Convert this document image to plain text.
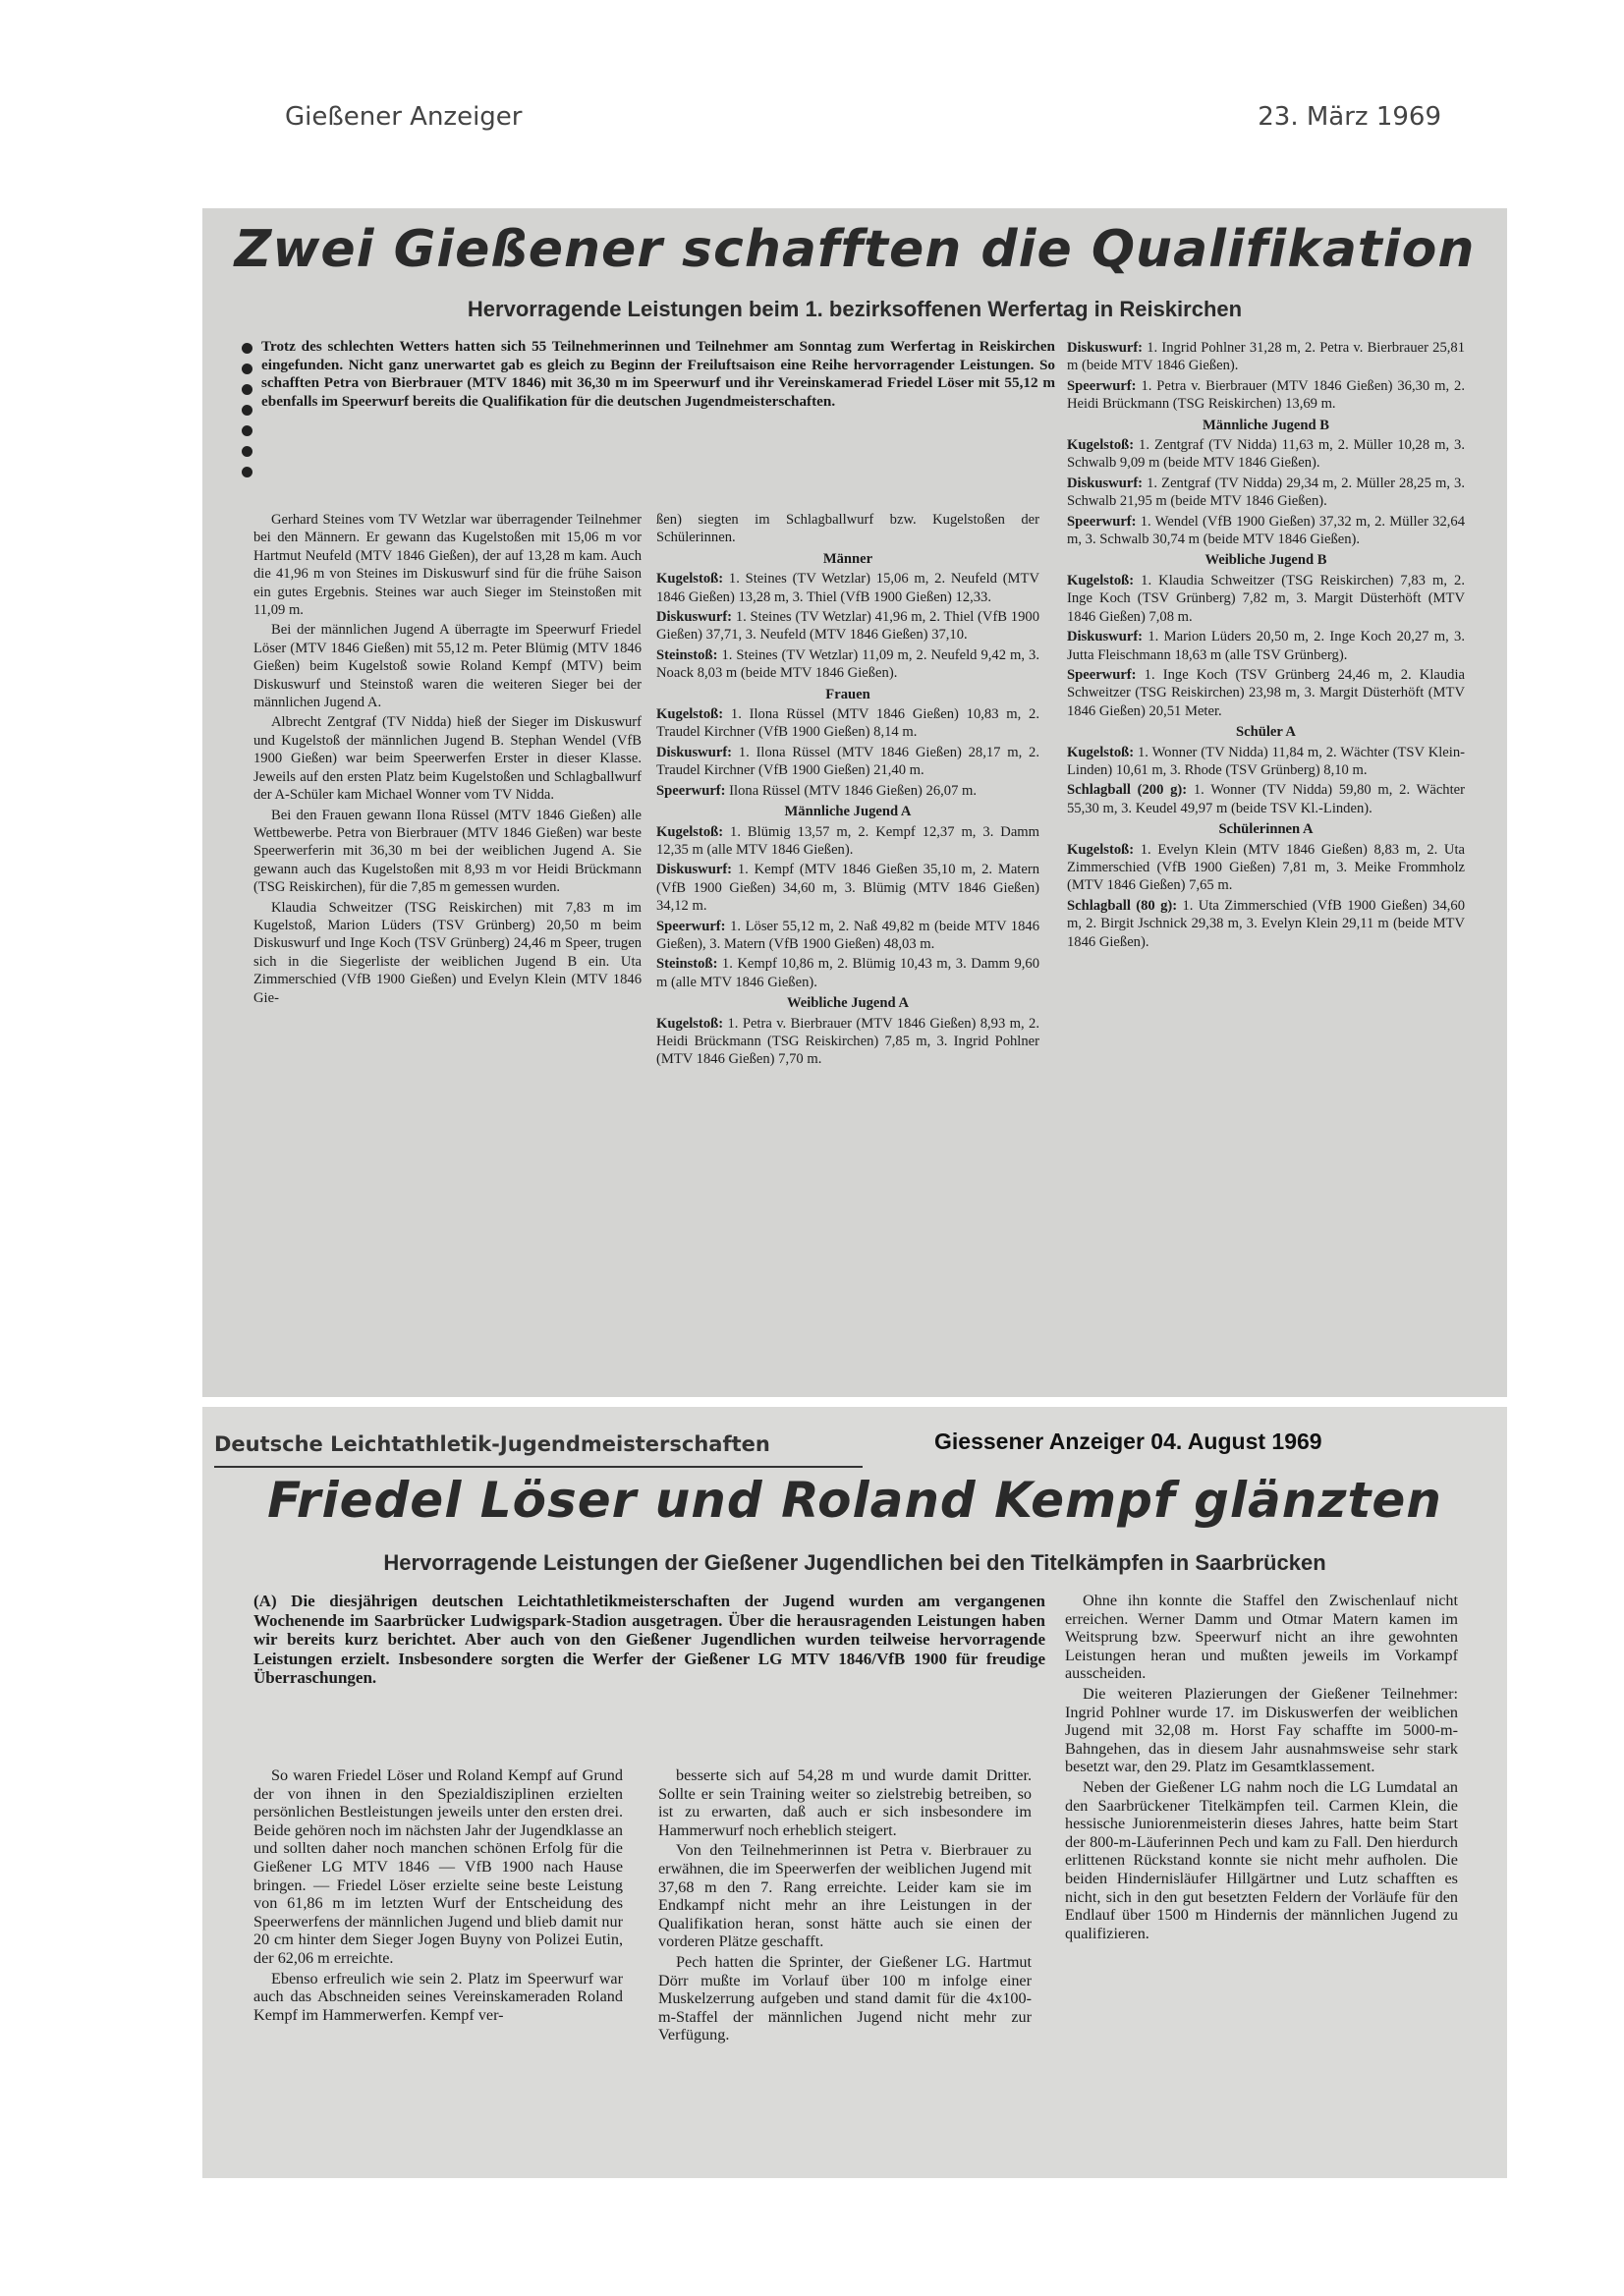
Gießener Anzeiger	23. März 1969
Zwei Gießener schafften die Qualifikation
Hervorragende Leistungen beim 1. bezirksoffenen Werfertag in Reiskirchen

Trotz des schlechten Wetters hatten sich 55 Teilnehmerinnen und Teilnehmer am Sonntag zum Werfertag in Reiskirchen eingefunden. Nicht ganz unerwartet gab es gleich zu Beginn der Freiluftsaison eine Reihe hervorragender Leistungen. So schafften Petra von Bierbrauer (MTV 1846) mit 36,30 m im Speerwurf und ihr Vereinskamerad Friedel Löser mit 55,12 m ebenfalls im Speerwurf bereits die Qualifikation für die deutschen Jugendmeisterschaften.

Gerhard Steines vom TV Wetzlar war überragender Teilnehmer bei den Männern. Er gewann das Kugelstoßen mit 15,06 m vor Hartmut Neufeld (MTV 1846 Gießen), der auf 13,28 m kam. Auch die 41,96 m von Steines im Diskuswurf sind für die frühe Saison ein gutes Ergebnis. Steines war auch Sieger im Steinstoßen mit 11,09 m.

Bei der männlichen Jugend A überragte im Speerwurf Friedel Löser (MTV 1846 Gießen) mit 55,12 m. Peter Blümig (MTV 1846 Gießen) beim Kugelstoß sowie Roland Kempf (MTV) beim Diskuswurf und Steinstoß waren die weiteren Sieger bei der männlichen Jugend A.

Albrecht Zentgraf (TV Nidda) hieß der Sieger im Diskuswurf und Kugelstoß der männlichen Jugend B. Stephan Wendel (VfB 1900 Gießen) war beim Speerwerfen Erster in dieser Klasse. Jeweils auf den ersten Platz beim Kugelstoßen und Schlagballwurf der A-Schüler kam Michael Wonner vom TV Nidda.

Bei den Frauen gewann Ilona Rüssel (MTV 1846 Gießen) alle Wettbewerbe. Petra von Bierbrauer (MTV 1846 Gießen) war beste Speerwerferin mit 36,30 m bei der weiblichen Jugend A. Sie gewann auch das Kugelstoßen mit 8,93 m vor Heidi Brückmann (TSG Reiskirchen), für die 7,85 m gemessen wurden.

Klaudia Schweitzer (TSG Reiskirchen) mit 7,83 m im Kugelstoß, Marion Lüders (TSV Grünberg) 20,50 m beim Diskuswurf und Inge Koch (TSV Grünberg) 24,46 m Speer, trugen sich in die Siegerliste der weiblichen Jugend B ein. Uta Zimmerschied (VfB 1900 Gießen) und Evelyn Klein (MTV 1846 Gie-

ßen) siegten im Schlagballwurf bzw. Kugelstoßen der Schülerinnen.

Männer

Kugelstoß: 1. Steines (TV Wetzlar) 15,06 m, 2. Neufeld (MTV 1846 Gießen) 13,28 m, 3. Thiel (VfB 1900 Gießen) 12,33.

Diskuswurf: 1. Steines (TV Wetzlar) 41,96 m, 2. Thiel (VfB 1900 Gießen) 37,71, 3. Neufeld (MTV 1846 Gießen) 37,10.

Steinstoß: 1. Steines (TV Wetzlar) 11,09 m, 2. Neufeld 9,42 m, 3. Noack 8,03 m (beide MTV 1846 Gießen).

Frauen

Kugelstoß: 1. Ilona Rüssel (MTV 1846 Gießen) 10,83 m, 2. Traudel Kirchner (VfB 1900 Gießen) 8,14 m.

Diskuswurf: 1. Ilona Rüssel (MTV 1846 Gießen) 28,17 m, 2. Traudel Kirchner (VfB 1900 Gießen) 21,40 m.

Speerwurf: Ilona Rüssel (MTV 1846 Gießen) 26,07 m.

Männliche Jugend A

Kugelstoß: 1. Blümig 13,57 m, 2. Kempf 12,37 m, 3. Damm 12,35 m (alle MTV 1846 Gießen).

Diskuswurf: 1. Kempf (MTV 1846 Gießen 35,10 m, 2. Matern (VfB 1900 Gießen) 34,60 m, 3. Blümig (MTV 1846 Gießen) 34,12 m.

Speerwurf: 1. Löser 55,12 m, 2. Naß 49,82 m (beide MTV 1846 Gießen), 3. Matern (VfB 1900 Gießen) 48,03 m.

Steinstoß: 1. Kempf 10,86 m, 2. Blümig 10,43 m, 3. Damm 9,60 m (alle MTV 1846 Gießen).

Weibliche Jugend A

Kugelstoß: 1. Petra v. Bierbrauer (MTV 1846 Gießen) 8,93 m, 2. Heidi Brückmann (TSG Reiskirchen) 7,85 m, 3. Ingrid Pohlner (MTV 1846 Gießen) 7,70 m.

Diskuswurf: 1. Ingrid Pohlner 31,28 m, 2. Petra v. Bierbrauer 25,81 m (beide MTV 1846 Gießen).

Speerwurf: 1. Petra v. Bierbrauer (MTV 1846 Gießen) 36,30 m, 2. Heidi Brückmann (TSG Reiskirchen) 13,69 m.

Männliche Jugend B

Kugelstoß: 1. Zentgraf (TV Nidda) 11,63 m, 2. Müller 10,28 m, 3. Schwalb 9,09 m (beide MTV 1846 Gießen).

Diskuswurf: 1. Zentgraf (TV Nidda) 29,34 m, 2. Müller 28,25 m, 3. Schwalb 21,95 m (beide MTV 1846 Gießen).

Speerwurf: 1. Wendel (VfB 1900 Gießen) 37,32 m, 2. Müller 32,64 m, 3. Schwalb 30,74 m (beide MTV 1846 Gießen).

Weibliche Jugend B

Kugelstoß: 1. Klaudia Schweitzer (TSG Reiskirchen) 7,83 m, 2. Inge Koch (TSV Grünberg) 7,82 m, 3. Margit Düsterhöft (MTV 1846 Gießen) 7,08 m.

Diskuswurf: 1. Marion Lüders 20,50 m, 2. Inge Koch 20,27 m, 3. Jutta Fleischmann 18,63 m (alle TSV Grünberg).

Speerwurf: 1. Inge Koch (TSV Grünberg 24,46 m, 2. Klaudia Schweitzer (TSG Reiskirchen) 23,98 m, 3. Margit Düsterhöft (MTV 1846 Gießen) 20,51 Meter.

Schüler A

Kugelstoß: 1. Wonner (TV Nidda) 11,84 m, 2. Wächter (TSV Klein-Linden) 10,61 m, 3. Rhode (TSV Grünberg) 8,10 m.

Schlagball (200 g): 1. Wonner (TV Nidda) 59,80 m, 2. Wächter 55,30 m, 3. Keudel 49,97 m (beide TSV Kl.-Linden).

Schülerinnen A

Kugelstoß: 1. Evelyn Klein (MTV 1846 Gießen) 8,83 m, 2. Uta Zimmerschied (VfB 1900 Gießen) 7,81 m, 3. Meike Frommholz (MTV 1846 Gießen) 7,65 m.

Schlagball (80 g): 1. Uta Zimmerschied (VfB 1900 Gießen) 34,60 m, 2. Birgit Jschnick 29,38 m, 3. Evelyn Klein 29,11 m (beide MTV 1846 Gießen).

Deutsche Leichtathletik-Jugendmeisterschaften	Giessener Anzeiger 04. August 1969
Friedel Löser und Roland Kempf glänzten
Hervorragende Leistungen der Gießener Jugendlichen bei den Titelkämpfen in Saarbrücken

(A) Die diesjährigen deutschen Leichtathletikmeisterschaften der Jugend wurden am vergangenen Wochenende im Saarbrücker Ludwigspark-Stadion ausgetragen. Über die herausragenden Leistungen haben wir bereits kurz berichtet. Aber auch von den Gießener Jugendlichen wurden teilweise hervorragende Leistungen erzielt. Insbesondere sorgten die Werfer der Gießener LG MTV 1846/VfB 1900 für freudige Überraschungen.

So waren Friedel Löser und Roland Kempf auf Grund der von ihnen in den Spezialdisziplinen erzielten persönlichen Bestleistungen jeweils unter den ersten drei. Beide gehören noch im nächsten Jahr der Jugendklasse an und sollten daher noch manchen schönen Erfolg für die Gießener LG MTV 1846 — VfB 1900 nach Hause bringen. — Friedel Löser erzielte seine beste Leistung von 61,86 m im letzten Wurf der Entscheidung des Speerwerfens der männlichen Jugend und blieb damit nur 20 cm hinter dem Sieger Jogen Buyny von Polizei Eutin, der 62,06 m erreichte.

Ebenso erfreulich wie sein 2. Platz im Speerwurf war auch das Abschneiden seines Vereinskameraden Roland Kempf im Hammerwerfen. Kempf ver-

besserte sich auf 54,28 m und wurde damit Dritter. Sollte er sein Training weiter so zielstrebig betreiben, so ist zu erwarten, daß auch er sich insbesondere im Hammerwurf noch erheblich steigert.

Von den Teilnehmerinnen ist Petra v. Bierbrauer zu erwähnen, die im Speerwerfen der weiblichen Jugend mit 37,68 m den 7. Rang erreichte. Leider kam sie im Endkampf nicht mehr an ihre Leistungen in der Qualifikation heran, sonst hätte auch sie einen der vorderen Plätze geschafft.

Pech hatten die Sprinter, der Gießener LG. Hartmut Dörr mußte im Vorlauf über 100 m infolge einer Muskelzerrung aufgeben und stand damit für die 4x100-m-Staffel der männlichen Jugend nicht mehr zur Verfügung.

Ohne ihn konnte die Staffel den Zwischenlauf nicht erreichen. Werner Damm und Otmar Matern kamen im Weitsprung bzw. Speerwurf nicht an ihre gewohnten Leistungen heran und mußten jeweils im Vorkampf ausscheiden.

Die weiteren Plazierungen der Gießener Teilnehmer: Ingrid Pohlner wurde 17. im Diskuswerfen der weiblichen Jugend mit 32,08 m. Horst Fay schaffte im 5000-m-Bahngehen, das in diesem Jahr ausnahmsweise sehr stark besetzt war, den 29. Platz im Gesamtklassement.

Neben der Gießener LG nahm noch die LG Lumdatal an den Saarbrückener Titelkämpfen teil. Carmen Klein, die hessische Juniorenmeisterin dieses Jahres, hatte beim Start der 800-m-Läuferinnen Pech und kam zu Fall. Den hierdurch erlittenen Rückstand konnte sie nicht mehr aufholen. Die beiden Hindernisläufer Hillgärtner und Lutz schafften es nicht, sich in den gut besetzten Feldern der Vorläufe für den Endlauf über 1500 m Hindernis der männlichen Jugend zu qualifizieren.
